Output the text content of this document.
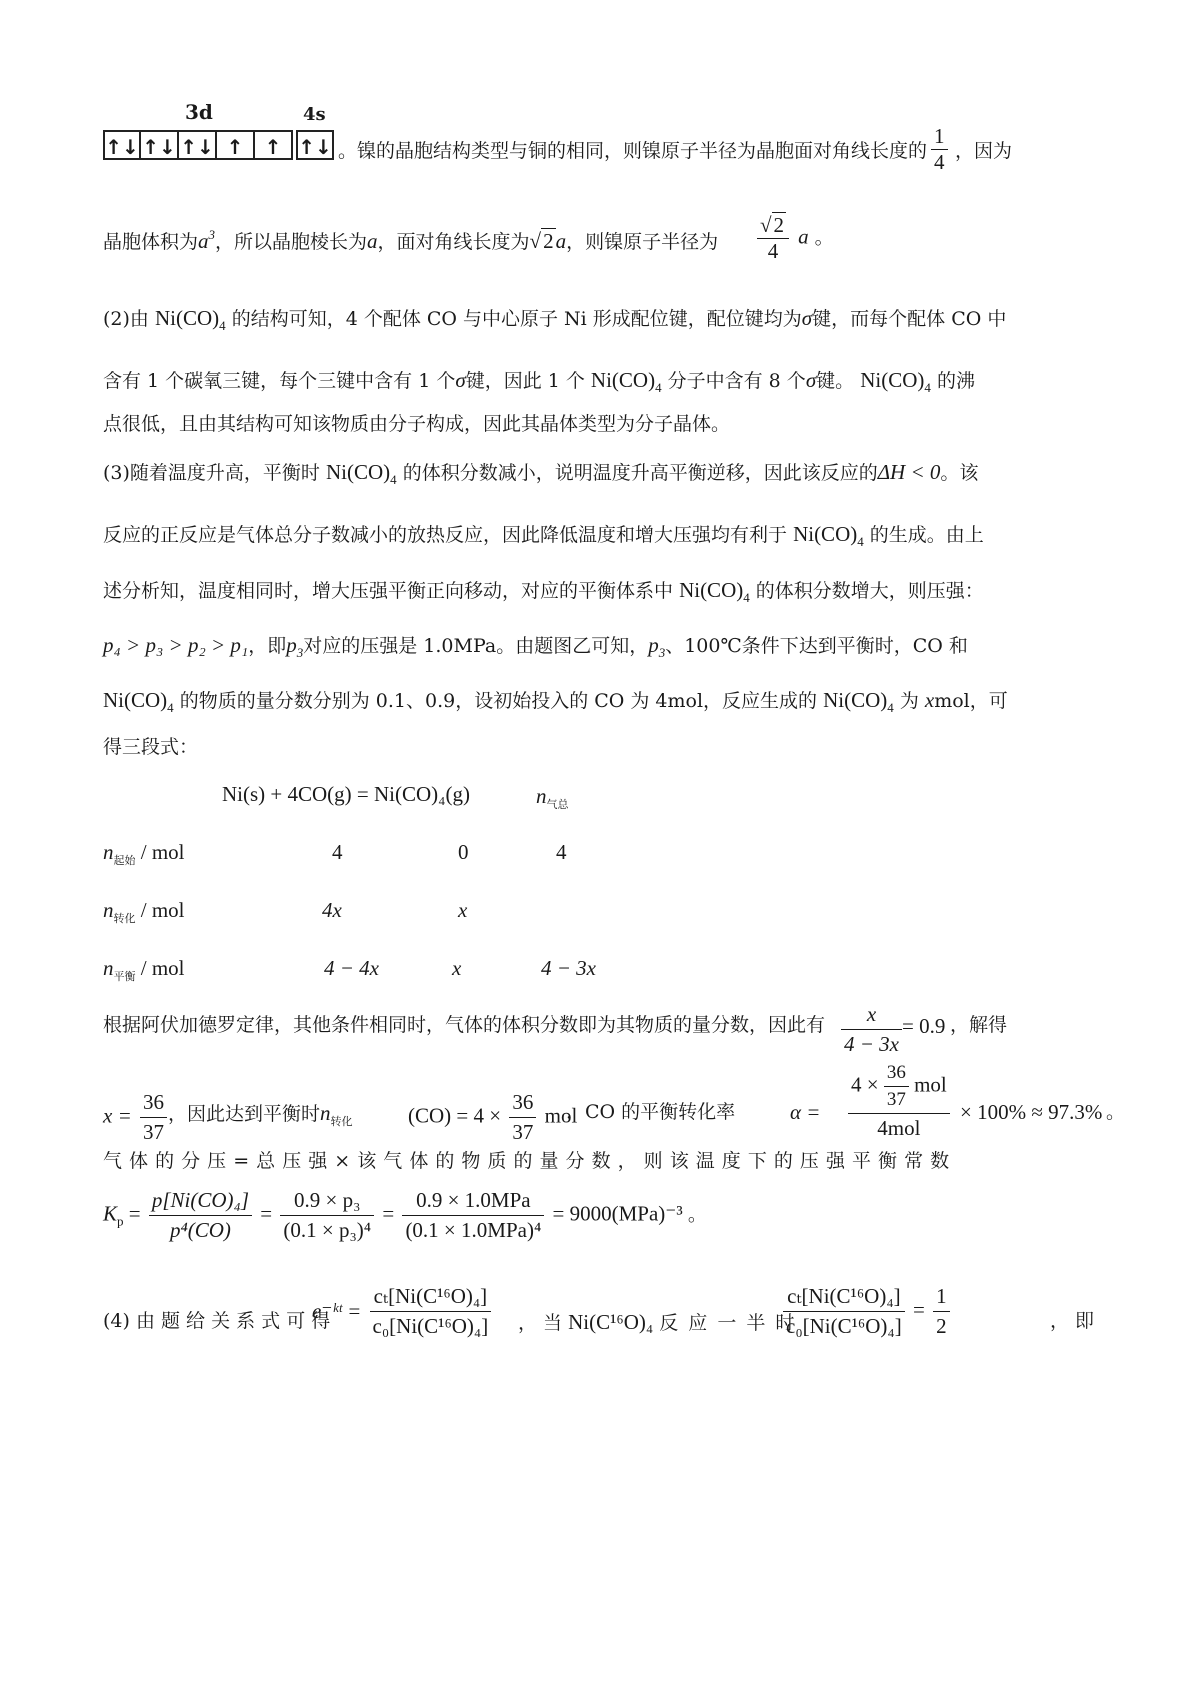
3d	4s
↑↓ ↑↓ ↑↓ ↑ ↑ ↑↓ 。镍的晶胞结构类型与铜的相同，则镍原子半径为晶胞面对角线长度的 $\frac{1}{4}$ ，因为
晶胞体积为$a^3$，所以晶胞棱长为a，面对角线长度为√2a，则镍原子半径为 $\frac{√2}{4}$ a 。
(2)由 $Ni(CO)_4$ 的结构可知，4 个配体 CO 与中心原子 Ni 形成配位键，配位键均为σ键，而每个配体 CO 中
含有 1 个碳氧三键，每个三键中含有 1 个σ键，因此 1 个 $Ni(CO)_4$ 分子中含有 8 个σ键。 $Ni(CO)_4$ 的沸
点很低，且由其结构可知该物质由分子构成，因此其晶体类型为分子晶体。
(3)随着温度升高，平衡时 $Ni(CO)_4$ 的体积分数减小，说明温度升高平衡逆移，因此该反应的ΔH < 0。该
反应的正反应是气体总分子数减小的放热反应，因此降低温度和增大压强均有利于 $Ni(CO)_4$ 的生成。由上
述分析知，温度相同时，增大压强平衡正向移动，对应的平衡体系中 $Ni(CO)_4$ 的体积分数增大，则压强：
p₄ > p₃ > p₂ > p₁，即$p_3$对应的压强是 1.0MPa。由题图乙可知，$p_3$、100℃条件下达到平衡时，CO 和
$Ni(CO)_4$ 的物质的量分数分别为 0.1、0.9，设初始投入的 CO 为 4mol，反应生成的 $Ni(CO)_4$ 为 xmol，可
得三段式：
Ni(s) + 4CO(g) = Ni(CO)₄(g)	$n_{气总}$
$n_{起始}$ / mol	4	0	4
$n_{转化}$ / mol	4x	x
$n_{平衡}$ / mol	4 − 4x	x	4 − 3x
根据阿伏加德罗定律，其他条件相同时，气体的体积分数即为其物质的量分数，因此有 $\frac{x}{4 - 3x} = 0.9$ ，解得
$x = \frac{36}{37}$ ，因此达到平衡时$n_{转化}$	$(CO) = 4 \times \frac{36}{37}$ mol
，CO 的平衡转化率	$\alpha = \frac{4 \times \frac{36}{37} mol}{\text{4mol}} \times 100\% \approx 97.3\%$ 。
气 体 的 分 压 = 总 压 强 × 该 气 体 的 物 质 的 量 分 数 ， 则 该 温 度 下 的 压 强 平 衡 常 数
$K_p = \frac{\text{p[Ni(CO)₄]}}{\text{p⁴(CO)}} = \frac{\text{0.9 × p₃}}{\text{(0.1 × p₃)⁴}} = \frac{\text{0.9 × 1.0MPa}}{\text{(0.1 × 1.0MPa)⁴}} = 9000(MPa)^{-3}$ 。
(4) 由 题 给 关 系 式 可 得
e⁻ᵏᵗ = $\frac{\text{cₜ[Ni(C¹⁶O)₄]}}{\text{c₀[Ni(C¹⁶O)₄]}}$ ， 当 Ni(C¹⁶O)₄ 反 应 一 半 时
$\frac{\text{cₜ[Ni(C¹⁶O)₄]}}{\text{c₀[Ni(C¹⁶O)₄]}} = \frac{1}{2}$	， 即
